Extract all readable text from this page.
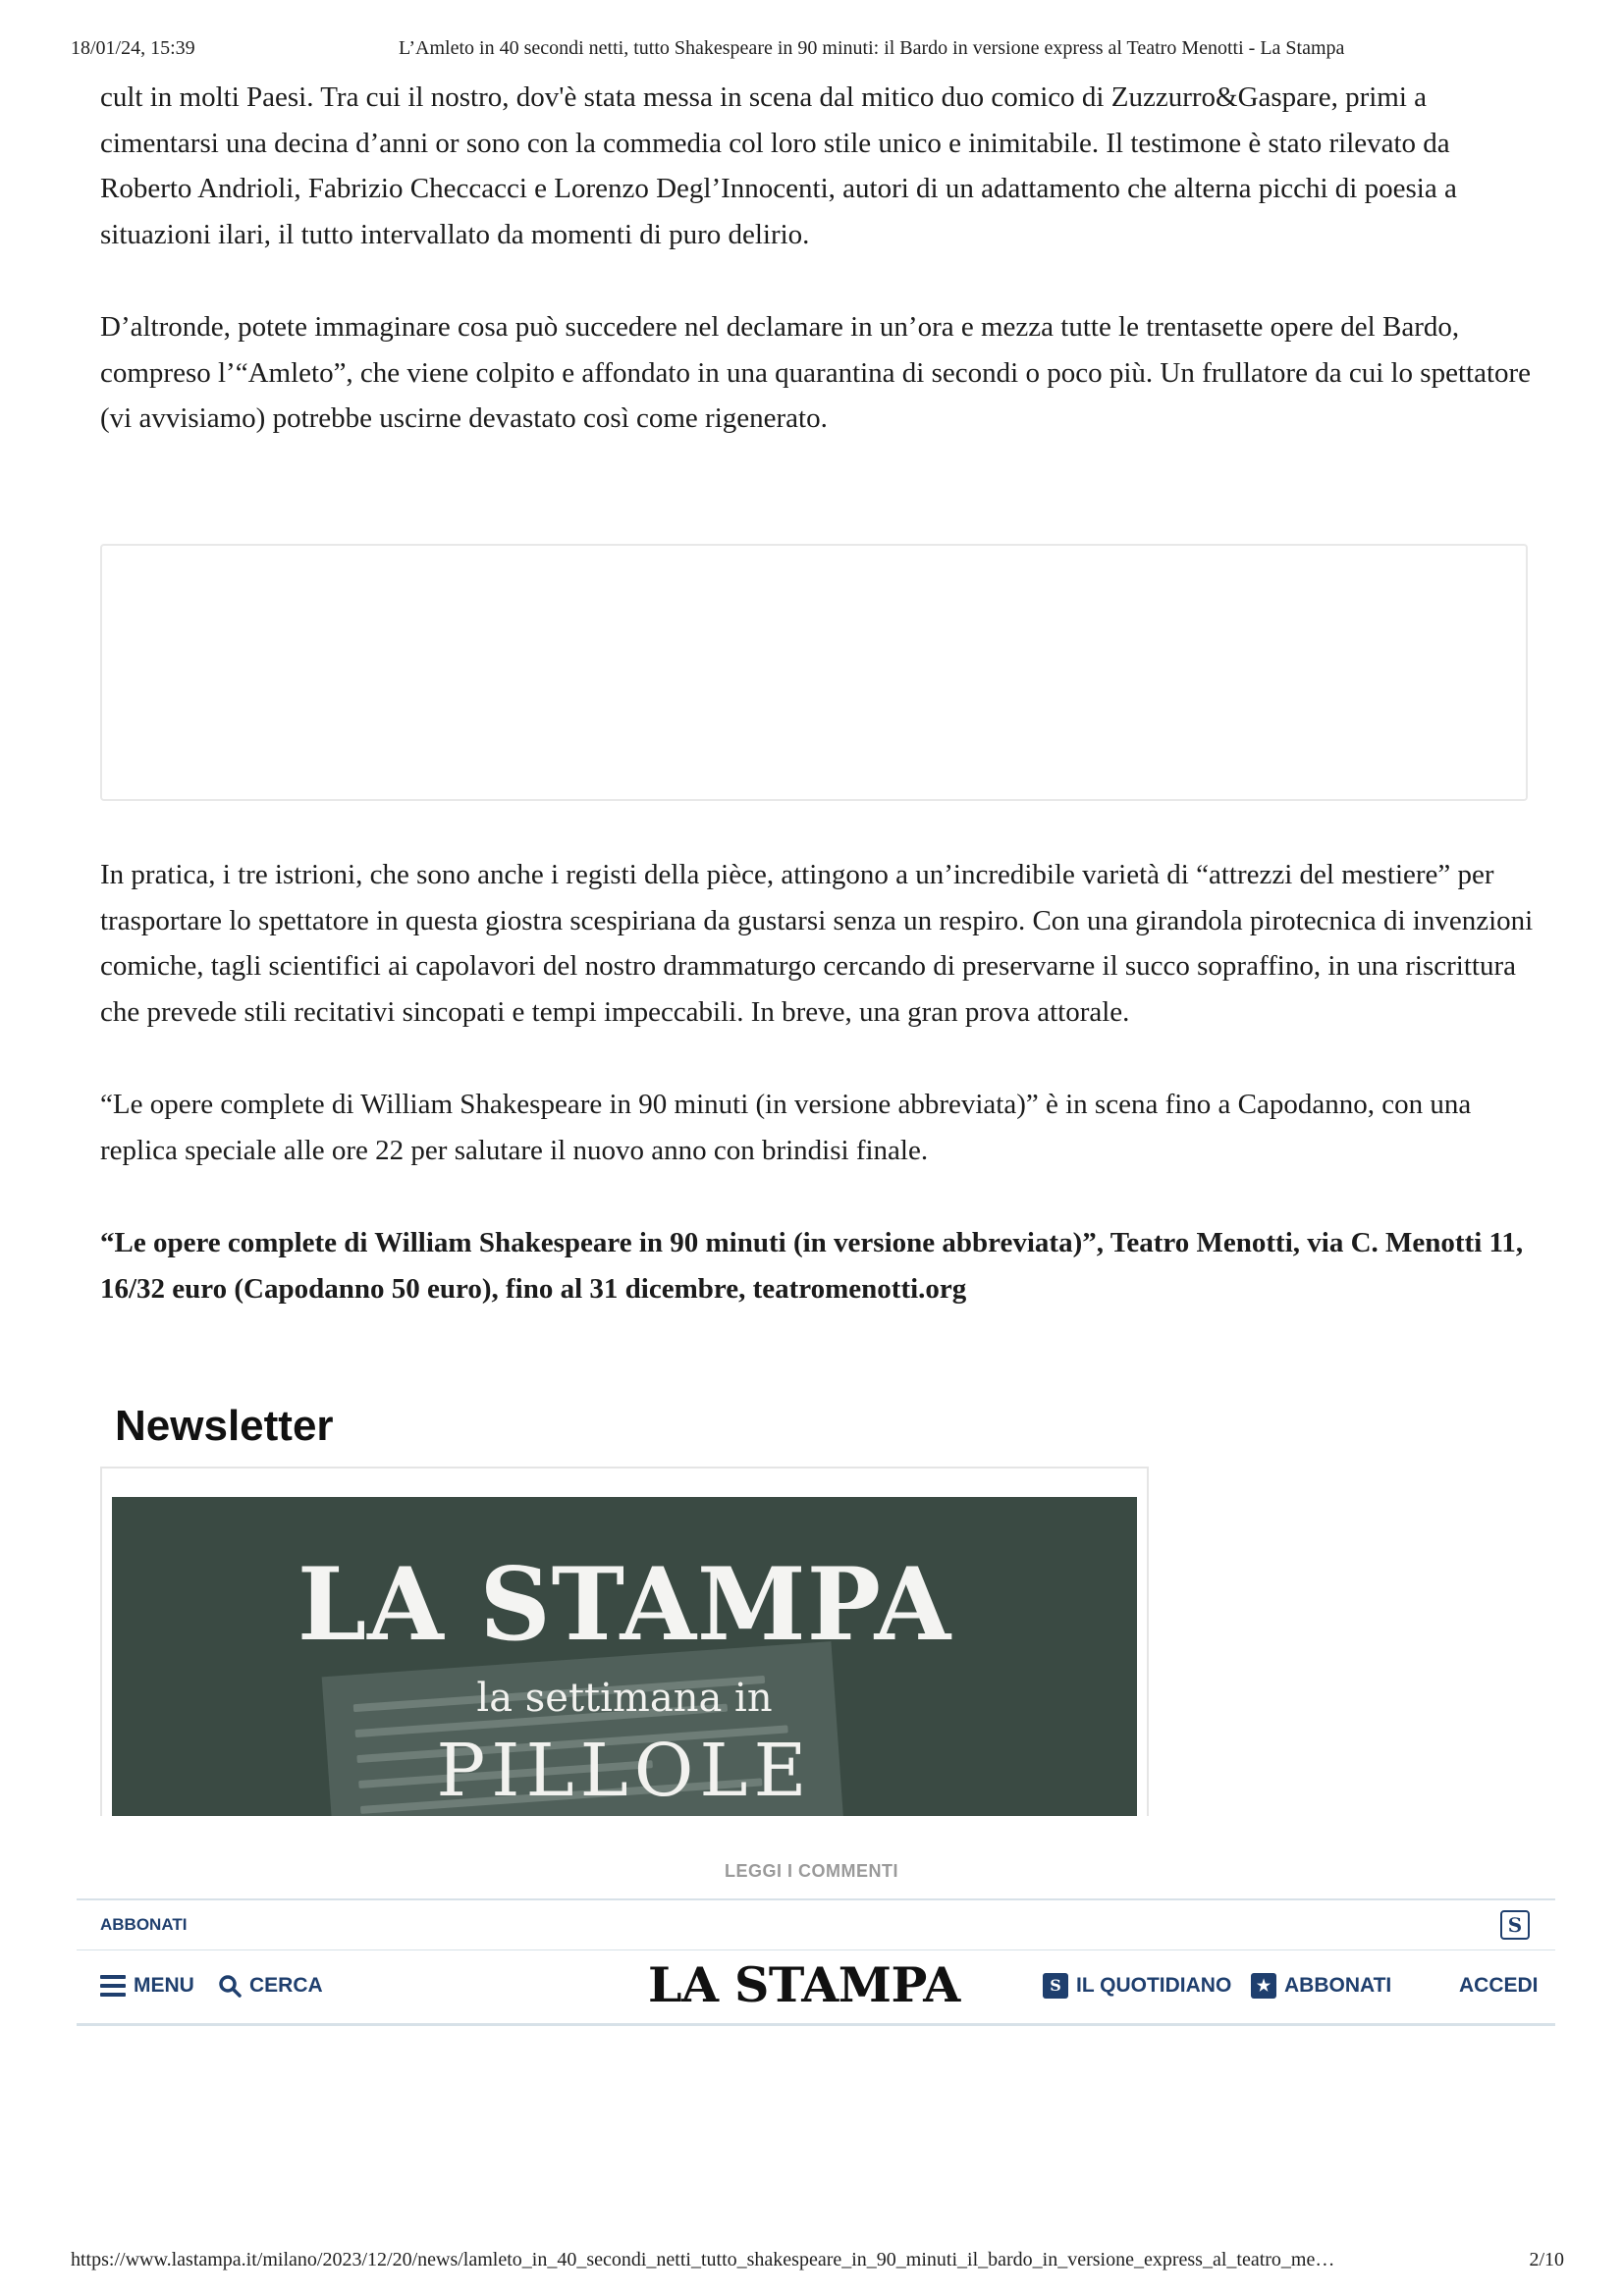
18/01/24, 15:39	L’Amleto in 40 secondi netti, tutto Shakespeare in 90 minuti: il Bardo in versione express al Teatro Menotti - La Stampa

cult in molti Paesi. Tra cui il nostro, dov'è stata messa in scena dal mitico duo comico di Zuzzurro&Gaspare, primi a cimentarsi una decina d’anni or sono con la commedia col loro stile unico e inimitabile. Il testimone è stato rilevato da Roberto Andrioli, Fabrizio Checcacci e Lorenzo Degl’Innocenti, autori di un adattamento che alterna picchi di poesia a situazioni ilari, il tutto intervallato da momenti di puro delirio.

D’altronde, potete immaginare cosa può succedere nel declamare in un’ora e mezza tutte le trentasette opere del Bardo, compreso l’“Amleto”, che viene colpito e affondato in una quarantina di secondi o poco più. Un frullatore da cui lo spettatore (vi avvisiamo) potrebbe uscirne devastato così come rigenerato.

In pratica, i tre istrioni, che sono anche i registi della pièce, attingono a un’incredibile varietà di “attrezzi del mestiere” per trasportare lo spettatore in questa giostra scespiriana da gustarsi senza un respiro. Con una girandola pirotecnica di invenzioni comiche, tagli scientifici ai capolavori del nostro drammaturgo cercando di preservarne il succo sopraffino, in una riscrittura che prevede stili recitativi sincopati e tempi impeccabili. In breve, una gran prova attorale.

“Le opere complete di William Shakespeare in 90 minuti (in versione abbreviata)” è in scena fino a Capodanno, con una replica speciale alle ore 22 per salutare il nuovo anno con brindisi finale.

“Le opere complete di William Shakespeare in 90 minuti (in versione abbreviata)”, Teatro Menotti, via C. Menotti 11, 16/32 euro (Capodanno 50 euro), fino al 31 dicembre, teatromenotti.org

Newsletter
LA STAMPA
la settimana in
PILLOLE
LEGGI I COMMENTI
ABBONATI	S
MENU	CERCA	LA STAMPA	S IL QUOTIDIANO	★ ABBONATI	ACCEDI
https://www.lastampa.it/milano/2023/12/20/news/lamleto_in_40_secondi_netti_tutto_shakespeare_in_90_minuti_il_bardo_in_versione_express_al_teatro_me…	2/10
